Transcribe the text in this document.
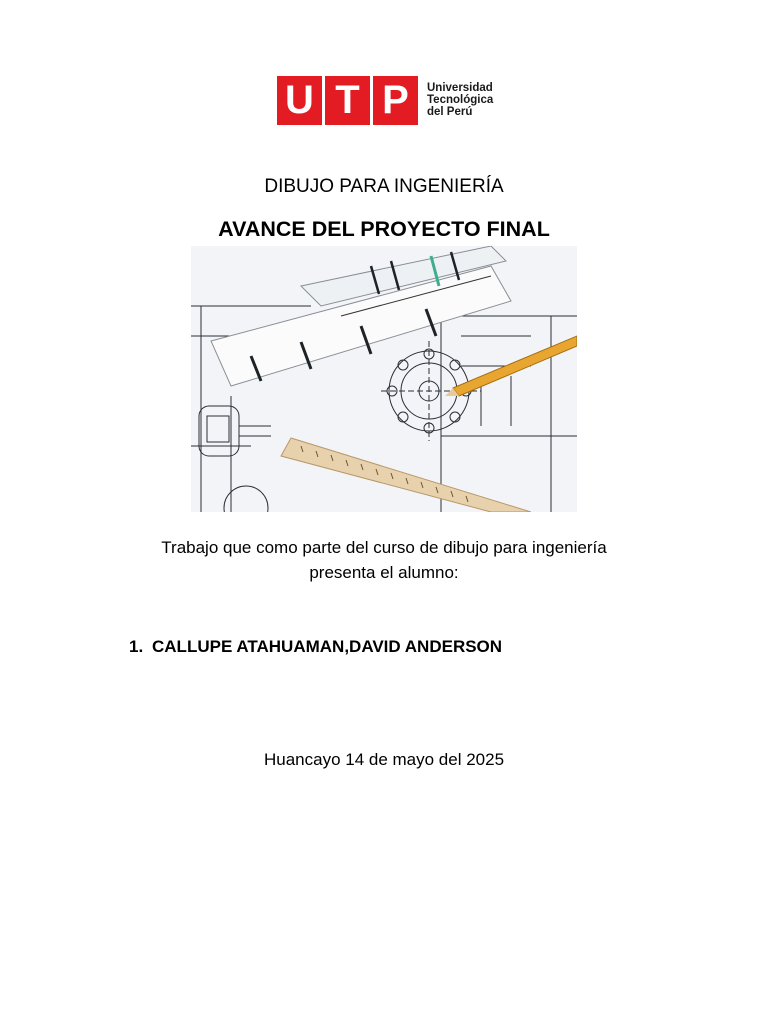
U T P	Universidad
Tecnológica
del Perú
DIBUJO PARA INGENIERÍA
AVANCE DEL PROYECTO FINAL
Trabajo que como parte del curso de dibujo para ingeniería
presenta el alumno:
1. CALLUPE ATAHUAMAN,DAVID ANDERSON
Huancayo 14 de mayo del 2025
